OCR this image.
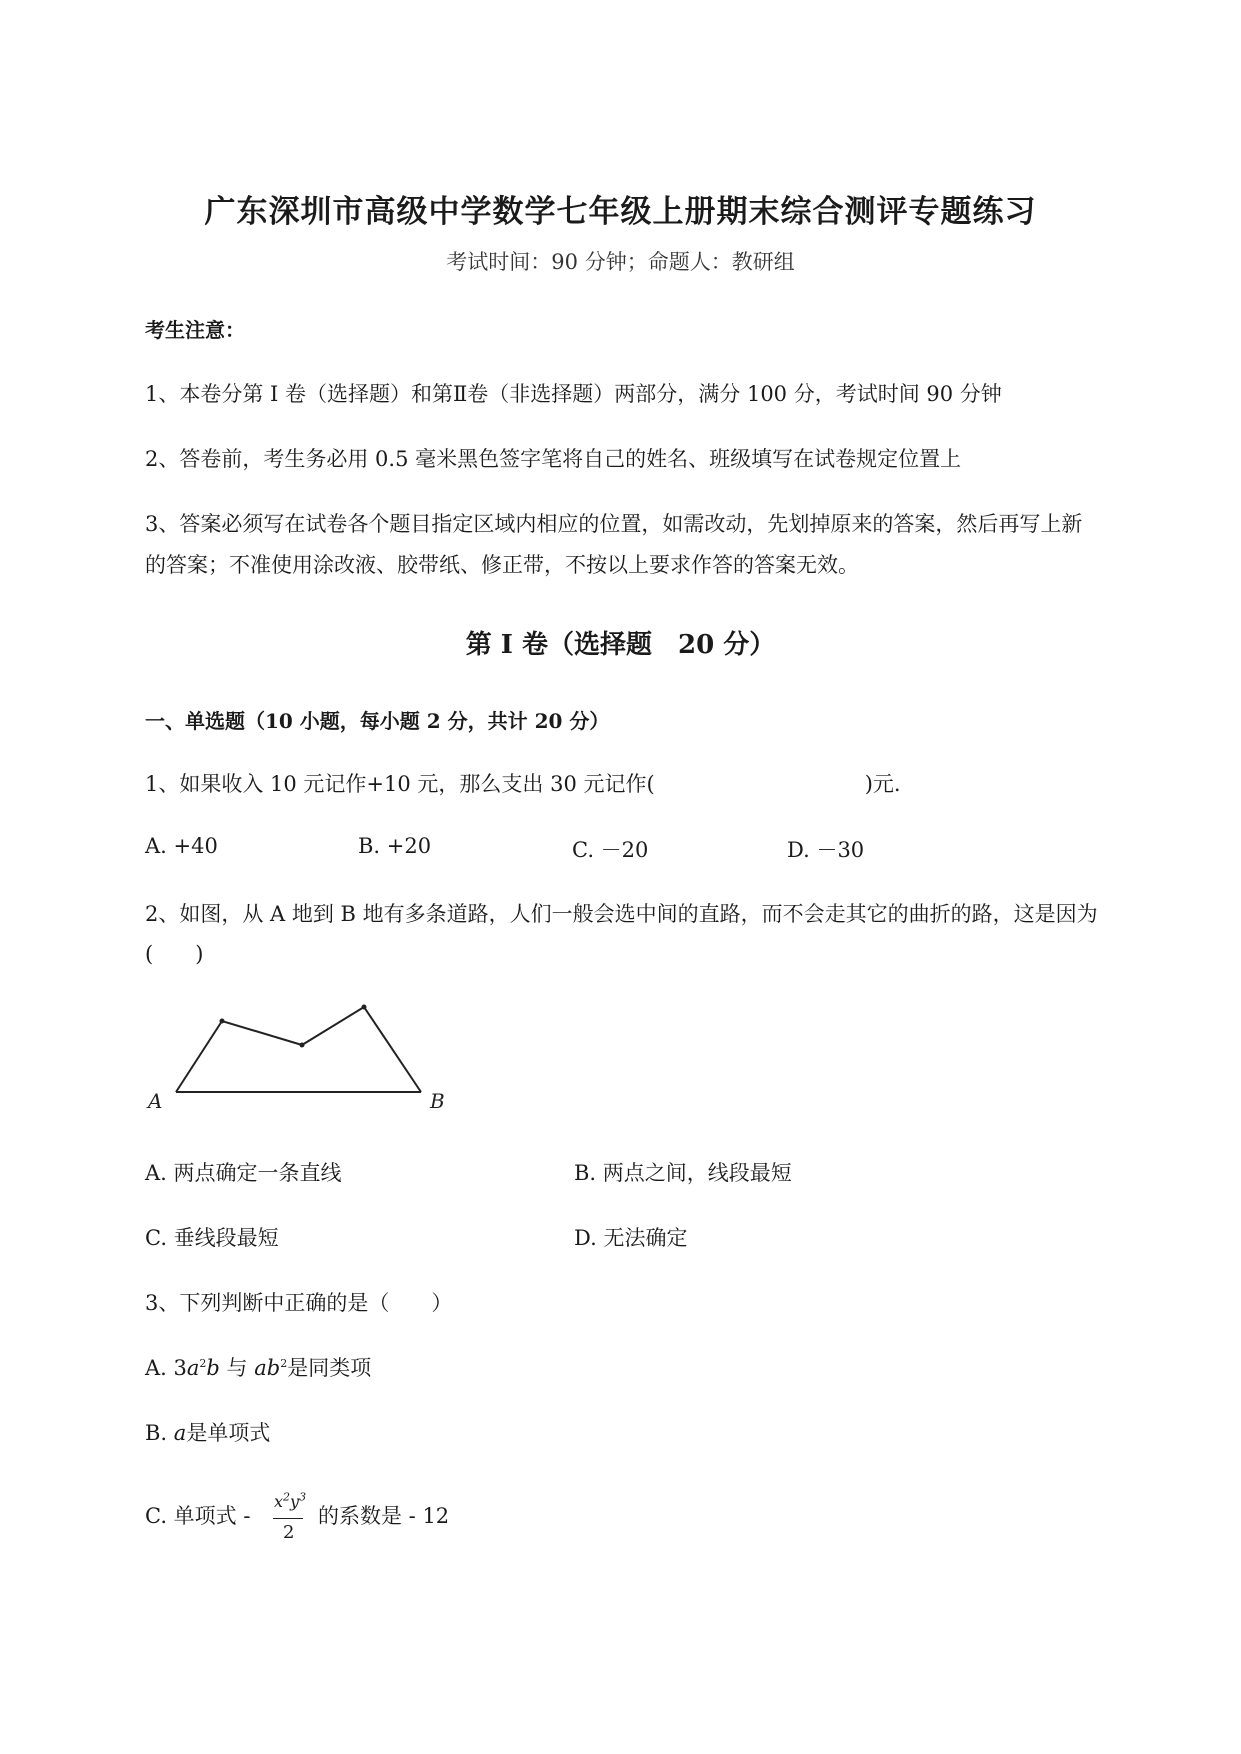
广东深圳市高级中学数学七年级上册期末综合测评专题练习
考试时间：90 分钟；命题人：教研组
考生注意：
1、本卷分第 I 卷（选择题）和第Ⅱ卷（非选择题）两部分，满分 100 分，考试时间 90 分钟
2、答卷前，考生务必用 0.5 毫米黑色签字笔将自己的姓名、班级填写在试卷规定位置上
3、答案必须写在试卷各个题目指定区域内相应的位置，如需改动，先划掉原来的答案，然后再写上新
的答案；不准使用涂改液、胶带纸、修正带，不按以上要求作答的答案无效。
第 I 卷（选择题　20 分）
一、单选题（10 小题，每小题 2 分，共计 20 分）
1、如果收入 10 元记作+10 元，那么支出 30 元记作(　　　　　　　　　　)元.
A. +40	B. +20	C. －20	D. －30
2、如图，从 A 地到 B 地有多条道路，人们一般会选中间的直路，而不会走其它的曲折的路，这是因为
(　　)
A	B
A. 两点确定一条直线	B. 两点之间，线段最短
C. 垂线段最短	D. 无法确定
3、下列判断中正确的是（　　）
A. $3a^2b$ 与 $ab^2$是同类项
B. a是单项式
C. 单项式 -
$x^2y^3$
2
的系数是 - 12
